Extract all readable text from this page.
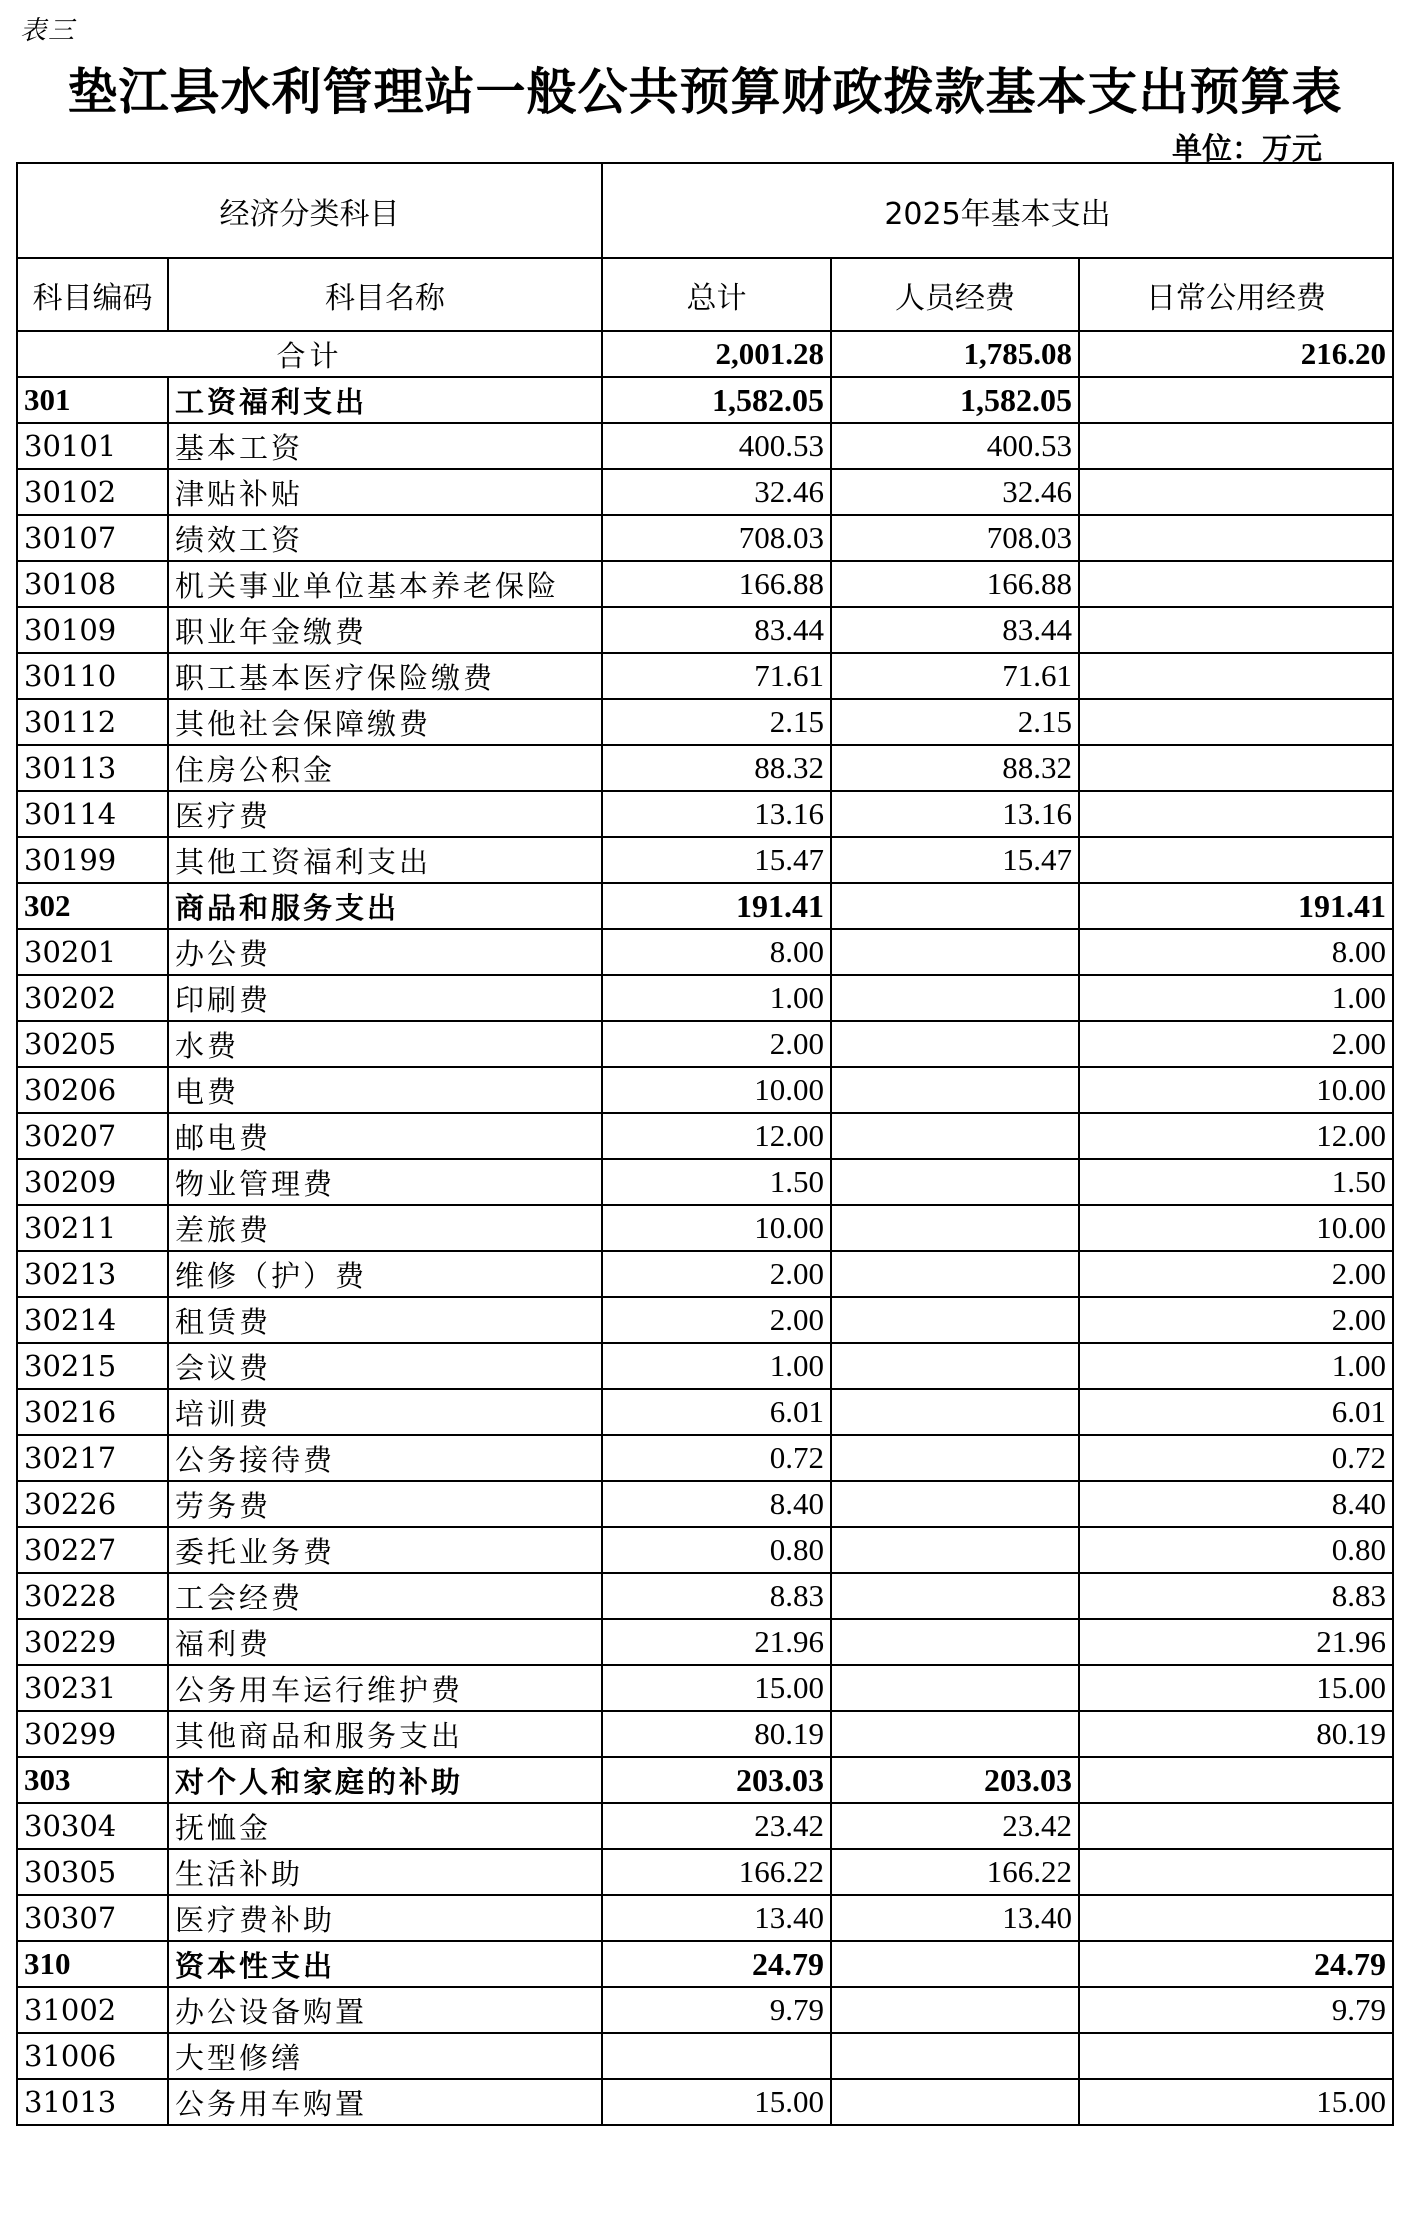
表三
垫江县水利管理站一般公共预算财政拨款基本支出预算表
单位：万元
经济分类科目		2025年基本支出		
科目编码	科目名称	总计	人员经费	日常公用经费
合计		2,001.28	1,785.08	216.20
301	工资福利支出	1,582.05	1,582.05	
30101	基本工资	400.53	400.53	
30102	津贴补贴	32.46	32.46	
30107	绩效工资	708.03	708.03	
30108	机关事业单位基本养老保险	166.88	166.88	
30109	职业年金缴费	83.44	83.44	
30110	职工基本医疗保险缴费	71.61	71.61	
30112	其他社会保障缴费	2.15	2.15	
30113	住房公积金	88.32	88.32	
30114	医疗费	13.16	13.16	
30199	其他工资福利支出	15.47	15.47	
302	商品和服务支出	191.41		191.41
30201	办公费	8.00		8.00
30202	印刷费	1.00		1.00
30205	水费	2.00		2.00
30206	电费	10.00		10.00
30207	邮电费	12.00		12.00
30209	物业管理费	1.50		1.50
30211	差旅费	10.00		10.00
30213	维修（护）费	2.00		2.00
30214	租赁费	2.00		2.00
30215	会议费	1.00		1.00
30216	培训费	6.01		6.01
30217	公务接待费	0.72		0.72
30226	劳务费	8.40		8.40
30227	委托业务费	0.80		0.80
30228	工会经费	8.83		8.83
30229	福利费	21.96		21.96
30231	公务用车运行维护费	15.00		15.00
30299	其他商品和服务支出	80.19		80.19
303	对个人和家庭的补助	203.03	203.03	
30304	抚恤金	23.42	23.42	
30305	生活补助	166.22	166.22	
30307	医疗费补助	13.40	13.40	
310	资本性支出	24.79		24.79
31002	办公设备购置	9.79		9.79
31006	大型修缮			
31013	公务用车购置	15.00		15.00
